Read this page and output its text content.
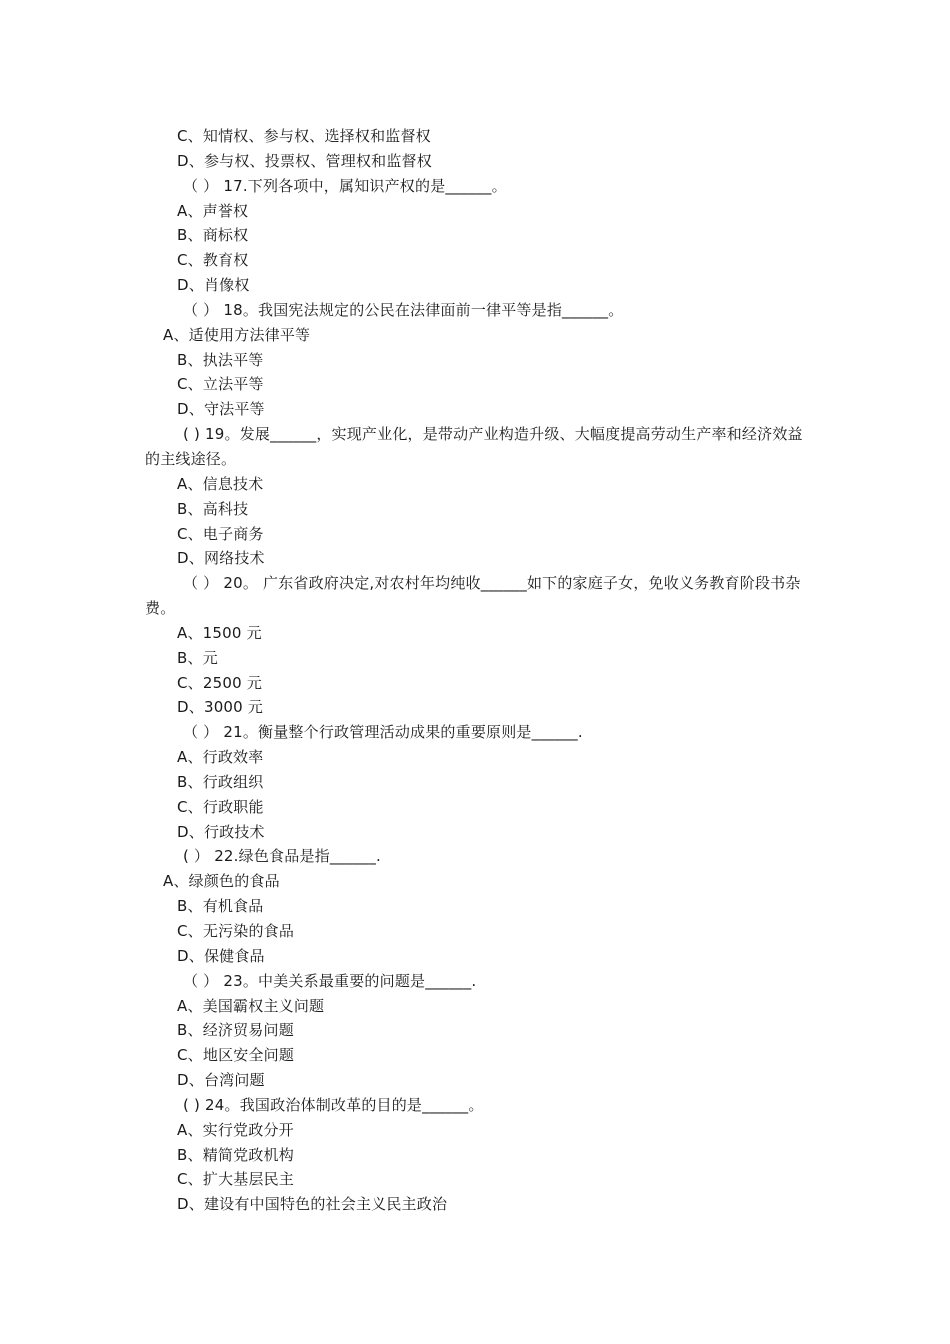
C、知情权、参与权、选择权和监督权
D、参与权、投票权、管理权和监督权
（ ） 17.下列各项中，属知识产权的是______。
A、声誉权
B、商标权
C、教育权
D、肖像权
（ ） 18。我国宪法规定的公民在法律面前一律平等是指______。
A、适使用方法律平等
B、执法平等
C、立法平等
D、守法平等
( ) 19。发展______，实现产业化，是带动产业构造升级、大幅度提高劳动生产率和经济效益的主线途径。
A、信息技术
B、高科技
C、电子商务
D、网络技术
（ ） 20。 广东省政府决定,对农村年均纯收______如下的家庭子女，免收义务教育阶段书杂费。
A、1500 元
B、元
C、2500 元
D、3000 元
（ ） 21。衡量整个行政管理活动成果的重要原则是______.
A、行政效率
B、行政组织
C、行政职能
D、行政技术
( ） 22.绿色食品是指______.
A、绿颜色的食品
B、有机食品
C、无污染的食品
D、保健食品
（ ） 23。中美关系最重要的问题是______.
A、美国霸权主义问题
B、经济贸易问题
C、地区安全问题
D、台湾问题
( ) 24。我国政治体制改革的目的是______。
A、实行党政分开
B、精简党政机构
C、扩大基层民主
D、建设有中国特色的社会主义民主政治
